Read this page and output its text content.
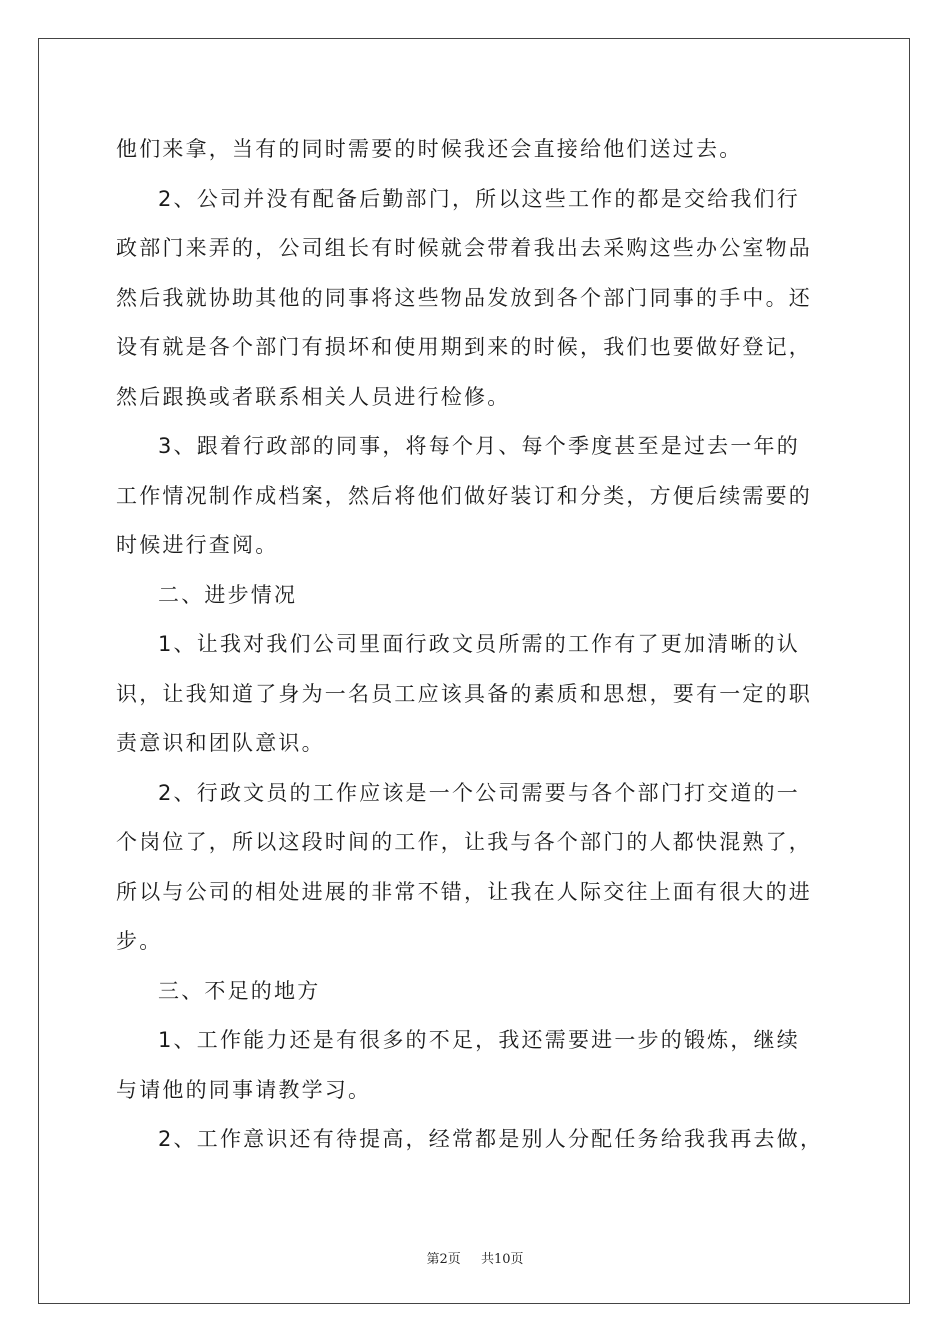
他们来拿，当有的同时需要的时候我还会直接给他们送过去。
2、公司并没有配备后勤部门，所以这些工作的都是交给我们行
政部门来弄的，公司组长有时候就会带着我出去采购这些办公室物品
然后我就协助其他的同事将这些物品发放到各个部门同事的手中。还
设有就是各个部门有损坏和使用期到来的时候，我们也要做好登记，
然后跟换或者联系相关人员进行检修。
3、跟着行政部的同事，将每个月、每个季度甚至是过去一年的
工作情况制作成档案，然后将他们做好装订和分类，方便后续需要的
时候进行查阅。
二、进步情况
1、让我对我们公司里面行政文员所需的工作有了更加清晰的认
识，让我知道了身为一名员工应该具备的素质和思想，要有一定的职
责意识和团队意识。
2、行政文员的工作应该是一个公司需要与各个部门打交道的一
个岗位了，所以这段时间的工作，让我与各个部门的人都快混熟了，
所以与公司的相处进展的非常不错，让我在人际交往上面有很大的进
步。
三、不足的地方
1、工作能力还是有很多的不足，我还需要进一步的锻炼，继续
与请他的同事请教学习。
2、工作意识还有待提高，经常都是别人分配任务给我我再去做，
第2页 共10页
